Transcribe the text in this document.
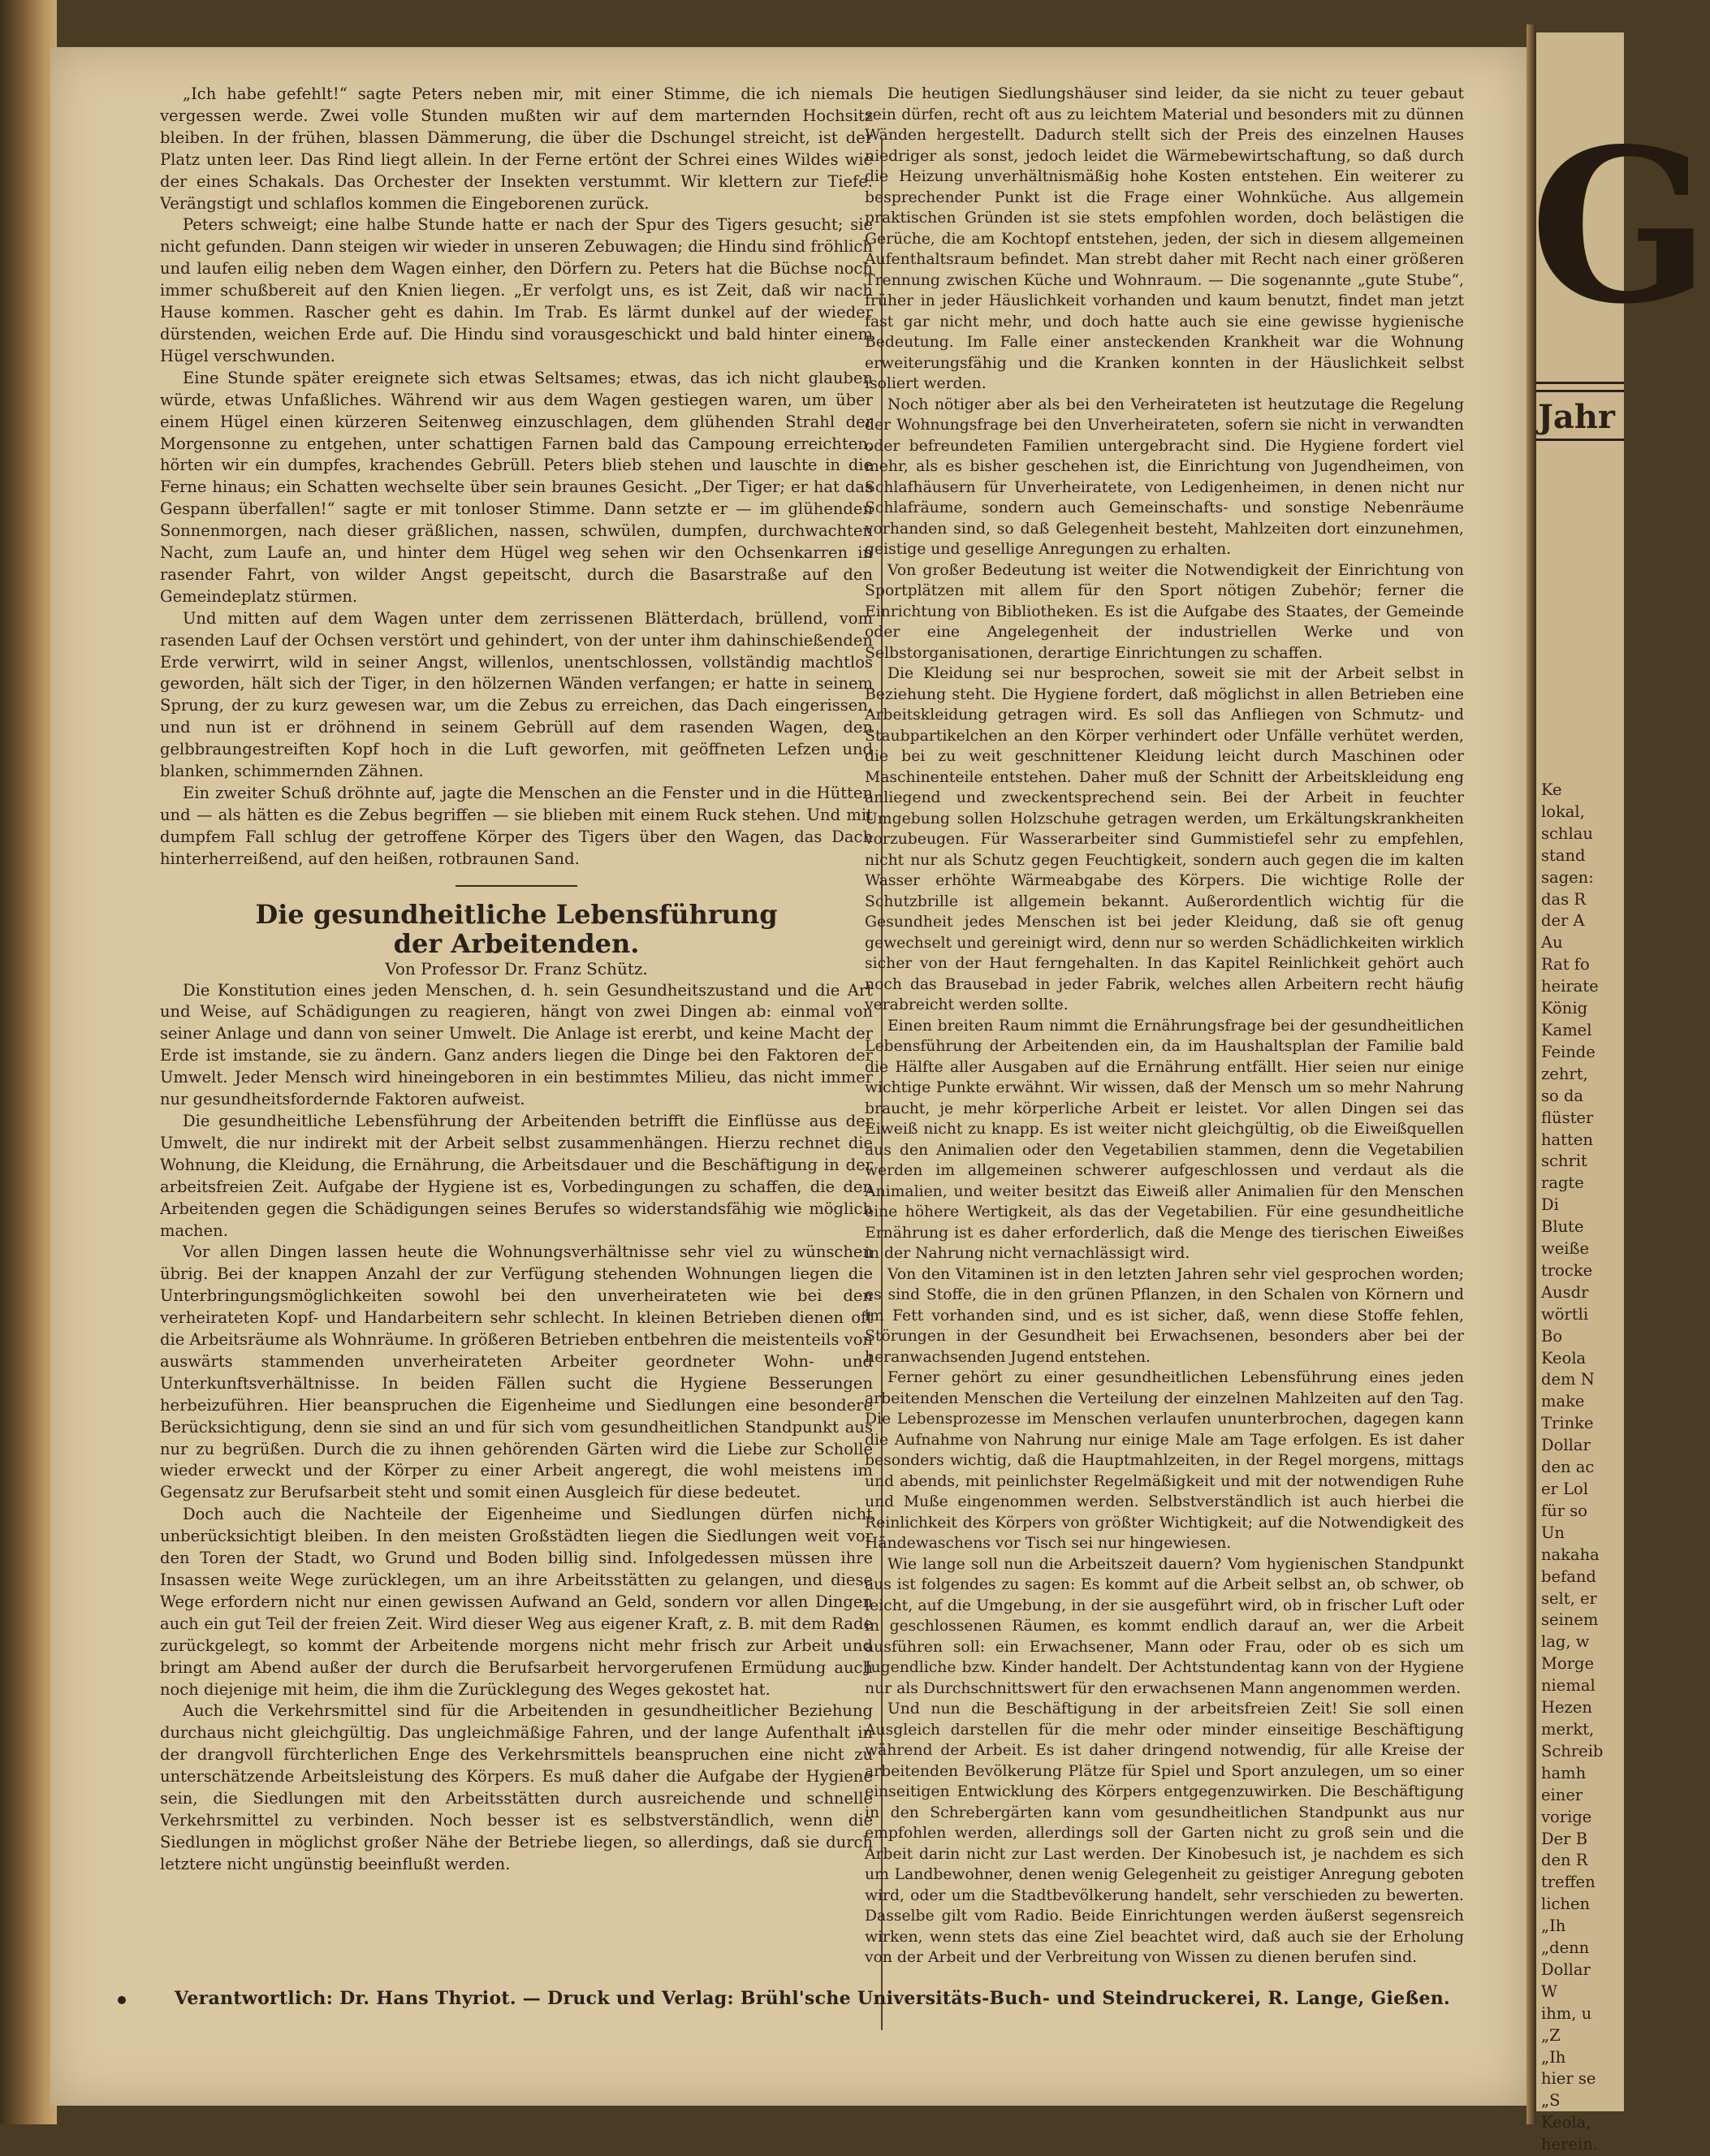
G
Jahr
Ke
lokal,
schlau
stand
sagen:
das R
der A
Au
Rat fo
heirate
König
Kamel
Feinde
zehrt,
so da
flüster
hatten
schrit
ragte
Di
Blute
weiße
trocke
Ausdr
wörtli
Bo
Keola
dem N
make
Trinke
Dollar
den ac
er Lol
für so
Un
nakaha
befand
selt, er
seinem
lag, w
Morge
niemal
Hezen
merkt,
Schreib
hamh
einer
vorige
Der B
den R
treffen
lichen
„Ih
„denn
Dollar
W
ihm, u
„Z
„Ih
hier se
„S
Keola,
herein.

„Ich habe gefehlt!“ sagte Peters neben mir, mit einer Stimme, die ich niemals vergessen werde. Zwei volle Stunden mußten wir auf dem marternden Hochsitz bleiben. In der frühen, blassen Dämmerung, die über die Dschungel streicht, ist der Platz unten leer. Das Rind liegt allein. In der Ferne ertönt der Schrei eines Wildes wie der eines Schakals. Das Orchester der Insekten verstummt. Wir klettern zur Tiefe. Verängstigt und schlaflos kommen die Eingeborenen zurück.

Peters schweigt; eine halbe Stunde hatte er nach der Spur des Tigers gesucht; sie nicht gefunden. Dann steigen wir wieder in unseren Zebuwagen; die Hindu sind fröhlich und laufen eilig neben dem Wagen einher, den Dörfern zu. Peters hat die Büchse noch immer schußbereit auf den Knien liegen. „Er verfolgt uns, es ist Zeit, daß wir nach Hause kommen. Rascher geht es dahin. Im Trab. Es lärmt dunkel auf der wieder dürstenden, weichen Erde auf. Die Hindu sind vorausgeschickt und bald hinter einem Hügel verschwunden.

Eine Stunde später ereignete sich etwas Seltsames; etwas, das ich nicht glauben würde, etwas Unfaßliches. Während wir aus dem Wagen gestiegen waren, um über einem Hügel einen kürzeren Seitenweg einzuschlagen, dem glühenden Strahl der Morgensonne zu entgehen, unter schattigen Farnen bald das Campoung erreichten, hörten wir ein dumpfes, krachendes Gebrüll. Peters blieb stehen und lauschte in die Ferne hinaus; ein Schatten wechselte über sein braunes Gesicht. „Der Tiger; er hat das Gespann überfallen!“ sagte er mit tonloser Stimme. Dann setzte er — im glühenden Sonnenmorgen, nach dieser gräßlichen, nassen, schwülen, dumpfen, durchwachten Nacht, zum Laufe an, und hinter dem Hügel weg sehen wir den Ochsenkarren in rasender Fahrt, von wilder Angst gepeitscht, durch die Basarstraße auf den Gemeindeplatz stürmen.

Und mitten auf dem Wagen unter dem zerrissenen Blätterdach, brüllend, vom rasenden Lauf der Ochsen verstört und gehindert, von der unter ihm dahinschießenden Erde verwirrt, wild in seiner Angst, willenlos, unentschlossen, vollständig machtlos geworden, hält sich der Tiger, in den hölzernen Wänden verfangen; er hatte in seinem Sprung, der zu kurz gewesen war, um die Zebus zu erreichen, das Dach eingerissen, und nun ist er dröhnend in seinem Gebrüll auf dem rasenden Wagen, den gelbbraungestreiften Kopf hoch in die Luft geworfen, mit geöffneten Lefzen und blanken, schimmernden Zähnen.

Ein zweiter Schuß dröhnte auf, jagte die Menschen an die Fenster und in die Hütten und — als hätten es die Zebus begriffen — sie blieben mit einem Ruck stehen. Und mit dumpfem Fall schlug der getroffene Körper des Tigers über den Wagen, das Dach hinterherreißend, auf den heißen, rotbraunen Sand.

Die gesundheitliche Lebensführung
der Arbeitenden.

Von Professor Dr. Franz Schütz.

Die Konstitution eines jeden Menschen, d. h. sein Gesundheitszustand und die Art und Weise, auf Schädigungen zu reagieren, hängt von zwei Dingen ab: einmal von seiner Anlage und dann von seiner Umwelt. Die Anlage ist ererbt, und keine Macht der Erde ist imstande, sie zu ändern. Ganz anders liegen die Dinge bei den Faktoren der Umwelt. Jeder Mensch wird hineingeboren in ein bestimmtes Milieu, das nicht immer nur gesundheitsfordernde Faktoren aufweist.

Die gesundheitliche Lebensführung der Arbeitenden betrifft die Einflüsse aus der Umwelt, die nur indirekt mit der Arbeit selbst zusammenhängen. Hierzu rechnet die Wohnung, die Kleidung, die Ernährung, die Arbeitsdauer und die Beschäftigung in der arbeitsfreien Zeit. Aufgabe der Hygiene ist es, Vorbedingungen zu schaffen, die den Arbeitenden gegen die Schädigungen seines Berufes so widerstandsfähig wie möglich machen.

Vor allen Dingen lassen heute die Wohnungsverhältnisse sehr viel zu wünschen übrig. Bei der knappen Anzahl der zur Verfügung stehenden Wohnungen liegen die Unterbringungsmöglichkeiten sowohl bei den unverheirateten wie bei den verheirateten Kopf- und Handarbeitern sehr schlecht. In kleinen Betrieben dienen oft die Arbeitsräume als Wohnräume. In größeren Betrieben entbehren die meistenteils von auswärts stammenden unverheirateten Arbeiter geordneter Wohn- und Unterkunftsverhältnisse. In beiden Fällen sucht die Hygiene Besserungen herbeizuführen. Hier beanspruchen die Eigenheime und Siedlungen eine besondere Berücksichtigung, denn sie sind an und für sich vom gesundheitlichen Standpunkt aus nur zu begrüßen. Durch die zu ihnen gehörenden Gärten wird die Liebe zur Scholle wieder erweckt und der Körper zu einer Arbeit angeregt, die wohl meistens im Gegensatz zur Berufsarbeit steht und somit einen Ausgleich für diese bedeutet.

Doch auch die Nachteile der Eigenheime und Siedlungen dürfen nicht unberücksichtigt bleiben. In den meisten Großstädten liegen die Siedlungen weit vor den Toren der Stadt, wo Grund und Boden billig sind. Infolgedessen müssen ihre Insassen weite Wege zurücklegen, um an ihre Arbeitsstätten zu gelangen, und diese Wege erfordern nicht nur einen gewissen Aufwand an Geld, sondern vor allen Dingen auch ein gut Teil der freien Zeit. Wird dieser Weg aus eigener Kraft, z. B. mit dem Rade zurückgelegt, so kommt der Arbeitende morgens nicht mehr frisch zur Arbeit und bringt am Abend außer der durch die Berufsarbeit hervorgerufenen Ermüdung auch noch diejenige mit heim, die ihm die Zurücklegung des Weges gekostet hat.

Auch die Verkehrsmittel sind für die Arbeitenden in gesundheitlicher Beziehung durchaus nicht gleichgültig. Das ungleichmäßige Fahren, und der lange Aufenthalt in der drangvoll fürchterlichen Enge des Verkehrsmittels beanspruchen eine nicht zu unterschätzende Arbeitsleistung des Körpers. Es muß daher die Aufgabe der Hygiene sein, die Siedlungen mit den Arbeitsstätten durch ausreichende und schnelle Verkehrsmittel zu verbinden. Noch besser ist es selbstverständlich, wenn die Siedlungen in möglichst großer Nähe der Betriebe liegen, so allerdings, daß sie durch letztere nicht ungünstig beeinflußt werden.

Die heutigen Siedlungshäuser sind leider, da sie nicht zu teuer gebaut sein dürfen, recht oft aus zu leichtem Material und besonders mit zu dünnen Wänden hergestellt. Dadurch stellt sich der Preis des einzelnen Hauses niedriger als sonst, jedoch leidet die Wärmebewirtschaftung, so daß durch die Heizung unverhältnismäßig hohe Kosten entstehen. Ein weiterer zu besprechender Punkt ist die Frage einer Wohnküche. Aus allgemein praktischen Gründen ist sie stets empfohlen worden, doch belästigen die Gerüche, die am Kochtopf entstehen, jeden, der sich in diesem allgemeinen Aufenthaltsraum befindet. Man strebt daher mit Recht nach einer größeren Trennung zwischen Küche und Wohnraum. — Die sogenannte „gute Stube“, früher in jeder Häuslichkeit vorhanden und kaum benutzt, findet man jetzt fast gar nicht mehr, und doch hatte auch sie eine gewisse hygienische Bedeutung. Im Falle einer ansteckenden Krankheit war die Wohnung erweiterungsfähig und die Kranken konnten in der Häuslichkeit selbst isoliert werden.

Noch nötiger aber als bei den Verheirateten ist heutzutage die Regelung der Wohnungsfrage bei den Unverheirateten, sofern sie nicht in verwandten oder befreundeten Familien untergebracht sind. Die Hygiene fordert viel mehr, als es bisher geschehen ist, die Einrichtung von Jugendheimen, von Schlafhäusern für Unverheiratete, von Ledigenheimen, in denen nicht nur Schlafräume, sondern auch Gemeinschafts- und sonstige Nebenräume vorhanden sind, so daß Gelegenheit besteht, Mahlzeiten dort einzunehmen, geistige und gesellige Anregungen zu erhalten.

Von großer Bedeutung ist weiter die Notwendigkeit der Einrichtung von Sportplätzen mit allem für den Sport nötigen Zubehör; ferner die Einrichtung von Bibliotheken. Es ist die Aufgabe des Staates, der Gemeinde oder eine Angelegenheit der industriellen Werke und von Selbstorganisationen, derartige Einrichtungen zu schaffen.

Die Kleidung sei nur besprochen, soweit sie mit der Arbeit selbst in Beziehung steht. Die Hygiene fordert, daß möglichst in allen Betrieben eine Arbeitskleidung getragen wird. Es soll das Anfliegen von Schmutz- und Staubpartikelchen an den Körper verhindert oder Unfälle verhütet werden, die bei zu weit geschnittener Kleidung leicht durch Maschinen oder Maschinenteile entstehen. Daher muß der Schnitt der Arbeitskleidung eng anliegend und zweckentsprechend sein. Bei der Arbeit in feuchter Umgebung sollen Holzschuhe getragen werden, um Erkältungskrankheiten vorzubeugen. Für Wasserarbeiter sind Gummistiefel sehr zu empfehlen, nicht nur als Schutz gegen Feuchtigkeit, sondern auch gegen die im kalten Wasser erhöhte Wärmeabgabe des Körpers. Die wichtige Rolle der Schutzbrille ist allgemein bekannt. Außerordentlich wichtig für die Gesundheit jedes Menschen ist bei jeder Kleidung, daß sie oft genug gewechselt und gereinigt wird, denn nur so werden Schädlichkeiten wirklich sicher von der Haut ferngehalten. In das Kapitel Reinlichkeit gehört auch noch das Brausebad in jeder Fabrik, welches allen Arbeitern recht häufig verabreicht werden sollte.

Einen breiten Raum nimmt die Ernährungsfrage bei der gesundheitlichen Lebensführung der Arbeitenden ein, da im Haushaltsplan der Familie bald die Hälfte aller Ausgaben auf die Ernährung entfällt. Hier seien nur einige wichtige Punkte erwähnt. Wir wissen, daß der Mensch um so mehr Nahrung braucht, je mehr körperliche Arbeit er leistet. Vor allen Dingen sei das Eiweiß nicht zu knapp. Es ist weiter nicht gleichgültig, ob die Eiweißquellen aus den Animalien oder den Vegetabilien stammen, denn die Vegetabilien werden im allgemeinen schwerer aufgeschlossen und verdaut als die Animalien, und weiter besitzt das Eiweiß aller Animalien für den Menschen eine höhere Wertigkeit, als das der Vegetabilien. Für eine gesundheitliche Ernährung ist es daher erforderlich, daß die Menge des tierischen Eiweißes in der Nahrung nicht vernachlässigt wird.

Von den Vitaminen ist in den letzten Jahren sehr viel gesprochen worden; es sind Stoffe, die in den grünen Pflanzen, in den Schalen von Körnern und im Fett vorhanden sind, und es ist sicher, daß, wenn diese Stoffe fehlen, Störungen in der Gesundheit bei Erwachsenen, besonders aber bei der heranwachsenden Jugend entstehen.

Ferner gehört zu einer gesundheitlichen Lebensführung eines jeden arbeitenden Menschen die Verteilung der einzelnen Mahlzeiten auf den Tag. Die Lebensprozesse im Menschen verlaufen ununterbrochen, dagegen kann die Aufnahme von Nahrung nur einige Male am Tage erfolgen. Es ist daher besonders wichtig, daß die Hauptmahlzeiten, in der Regel morgens, mittags und abends, mit peinlichster Regelmäßigkeit und mit der notwendigen Ruhe und Muße eingenommen werden. Selbstverständlich ist auch hierbei die Reinlichkeit des Körpers von größter Wichtigkeit; auf die Notwendigkeit des Händewaschens vor Tisch sei nur hingewiesen.

Wie lange soll nun die Arbeitszeit dauern? Vom hygienischen Standpunkt aus ist folgendes zu sagen: Es kommt auf die Arbeit selbst an, ob schwer, ob leicht, auf die Umgebung, in der sie ausgeführt wird, ob in frischer Luft oder in geschlossenen Räumen, es kommt endlich darauf an, wer die Arbeit ausführen soll: ein Erwachsener, Mann oder Frau, oder ob es sich um Jugendliche bzw. Kinder handelt. Der Achtstundentag kann von der Hygiene nur als Durchschnittswert für den erwachsenen Mann angenommen werden.

Und nun die Beschäftigung in der arbeitsfreien Zeit! Sie soll einen Ausgleich darstellen für die mehr oder minder einseitige Beschäftigung während der Arbeit. Es ist daher dringend notwendig, für alle Kreise der arbeitenden Bevölkerung Plätze für Spiel und Sport anzulegen, um so einer einseitigen Entwicklung des Körpers entgegenzuwirken. Die Beschäftigung in den Schrebergärten kann vom gesundheitlichen Standpunkt aus nur empfohlen werden, allerdings soll der Garten nicht zu groß sein und die Arbeit darin nicht zur Last werden. Der Kinobesuch ist, je nachdem es sich um Landbewohner, denen wenig Gelegenheit zu geistiger Anregung geboten wird, oder um die Stadtbevölkerung handelt, sehr verschieden zu bewerten. Dasselbe gilt vom Radio. Beide Einrichtungen werden äußerst segensreich wirken, wenn stets das eine Ziel beachtet wird, daß auch sie der Erholung von der Arbeit und der Verbreitung von Wissen zu dienen berufen sind.

Verantwortlich: Dr. Hans Thyriot. — Druck und Verlag: Brühl'sche Universitäts-Buch- und Steindruckerei, R. Lange, Gießen.
